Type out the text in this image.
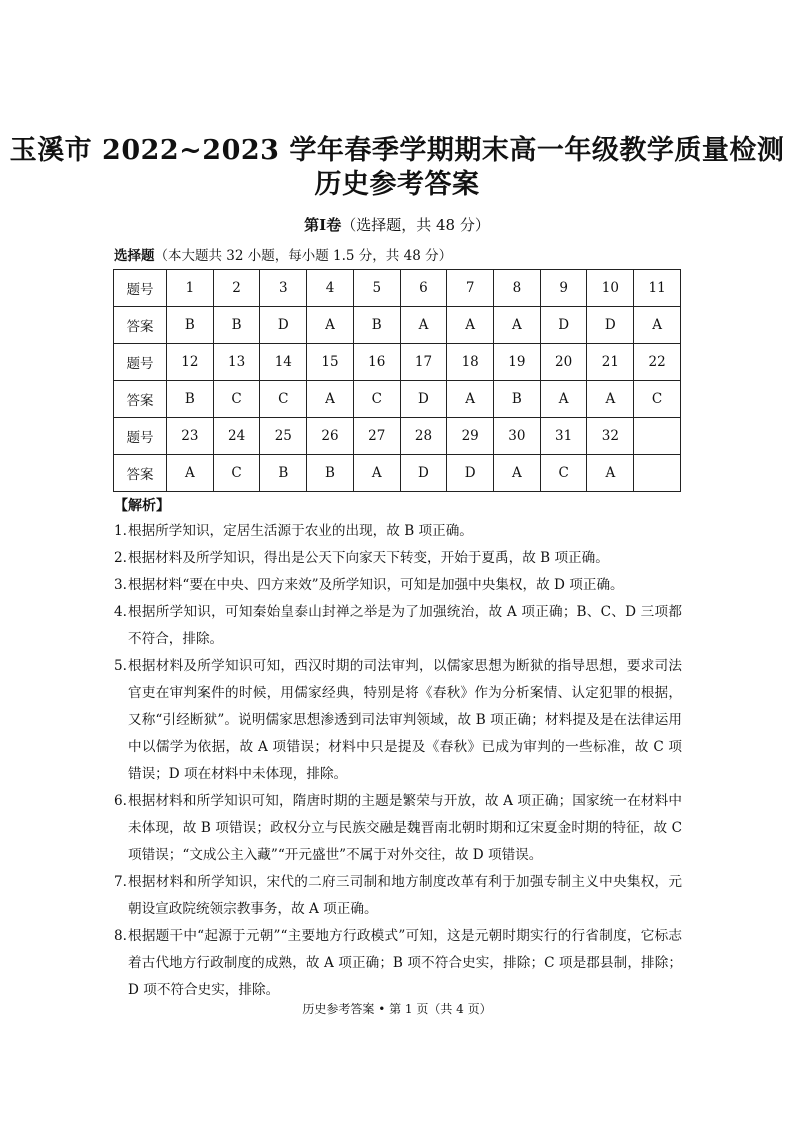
玉溪市 2022~2023 学年春季学期期末高一年级教学质量检测
历史参考答案

第Ⅰ卷（选择题，共 48 分）

选择题（本大题共 32 小题，每小题 1.5 分，共 48 分）

题号	1	2	3	4	5	6	7	8	9	10	11
答案	B	B	D	A	B	A	A	A	D	D	A
题号	12	13	14	15	16	17	18	19	20	21	22
答案	B	C	C	A	C	D	A	B	A	A	C
题号	23	24	25	26	27	28	29	30	31	32	
答案	A	C	B	B	A	D	D	A	C	A	

【解析】

1. 根据所学知识，定居生活源于农业的出现，故 B 项正确。
2. 根据材料及所学知识，得出是公天下向家天下转变，开始于夏禹，故 B 项正确。
3. 根据材料“要在中央、四方来效”及所学知识，可知是加强中央集权，故 D 项正确。
4. 根据所学知识，可知秦始皇泰山封禅之举是为了加强统治，故 A 项正确；B、C、D 三项都不符合，排除。
5. 根据材料及所学知识可知，西汉时期的司法审判，以儒家思想为断狱的指导思想，要求司法官吏在审判案件的时候，用儒家经典，特别是将《春秋》作为分析案情、认定犯罪的根据，又称“引经断狱”。说明儒家思想渗透到司法审判领域，故 B 项正确；材料提及是在法律运用中以儒学为依据，故 A 项错误；材料中只是提及《春秋》已成为审判的一些标准，故 C 项错误；D 项在材料中未体现，排除。
6. 根据材料和所学知识可知，隋唐时期的主题是繁荣与开放，故 A 项正确；国家统一在材料中未体现，故 B 项错误；政权分立与民族交融是魏晋南北朝时期和辽宋夏金时期的特征，故 C 项错误；“文成公主入藏”“开元盛世”不属于对外交往，故 D 项错误。
7. 根据材料和所学知识，宋代的二府三司制和地方制度改革有利于加强专制主义中央集权，元朝设宣政院统领宗教事务，故 A 项正确。
8. 根据题干中“起源于元朝”“主要地方行政模式”可知，这是元朝时期实行的行省制度，它标志着古代地方行政制度的成熟，故 A 项正确；B 项不符合史实，排除；C 项是郡县制，排除；D 项不符合史实，排除。

历史参考答案 • 第 1 页（共 4 页）
